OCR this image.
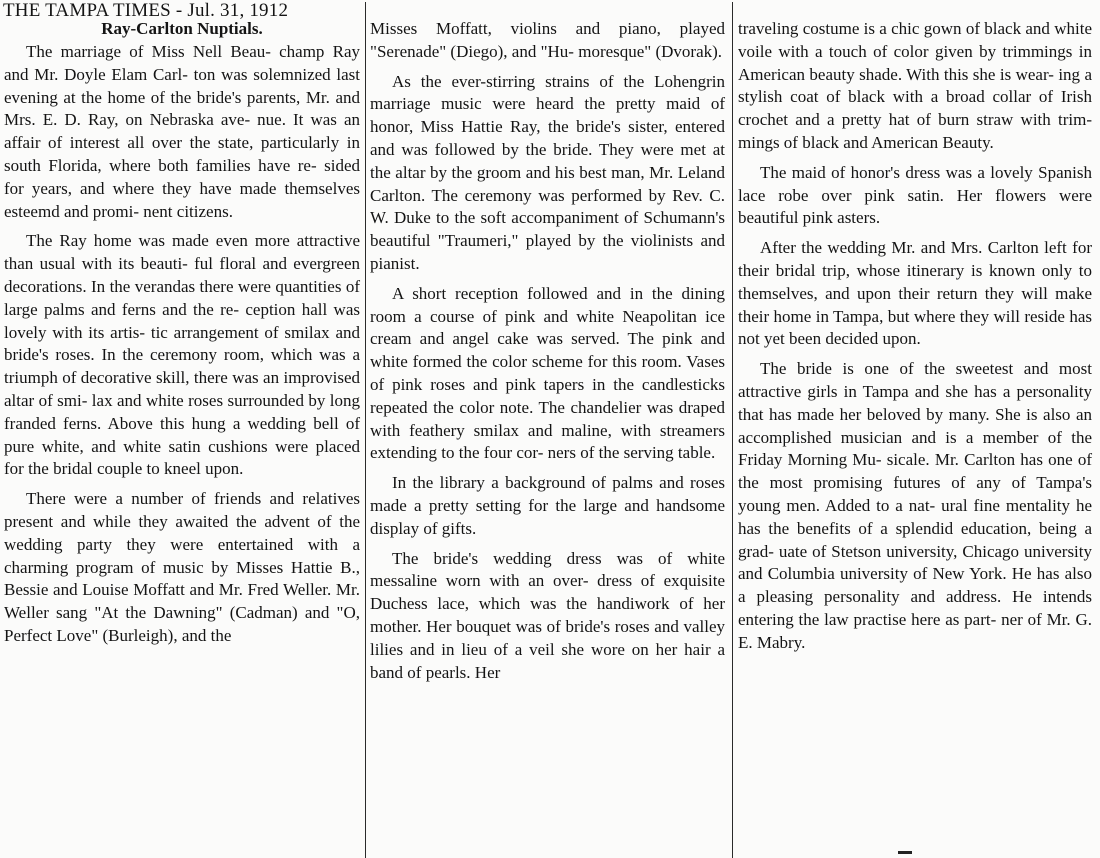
THE TAMPA TIMES - Jul. 31, 1912
Ray-Carlton Nuptials.

The marriage of Miss Nell Beau- champ Ray and Mr. Doyle Elam Carl- ton was solemnized last evening at the home of the bride's parents, Mr. and Mrs. E. D. Ray, on Nebraska ave- nue. It was an affair of interest all over the state, particularly in south Florida, where both families have re- sided for years, and where they have made themselves esteemd and promi- nent citizens.

The Ray home was made even more attractive than usual with its beauti- ful floral and evergreen decorations. In the verandas there were quantities of large palms and ferns and the re- ception hall was lovely with its artis- tic arrangement of smilax and bride's roses. In the ceremony room, which was a triumph of decorative skill, there was an improvised altar of smi- lax and white roses surrounded by long franded ferns. Above this hung a wedding bell of pure white, and white satin cushions were placed for the bridal couple to kneel upon.

There were a number of friends and relatives present and while they awaited the advent of the wedding party they were entertained with a charming program of music by Misses Hattie B., Bessie and Louise Moffatt and Mr. Fred Weller. Mr. Weller sang "At the Dawning" (Cadman) and "O, Perfect Love" (Burleigh), and the

Misses Moffatt, violins and piano, played "Serenade" (Diego), and "Hu- moresque" (Dvorak).

As the ever-stirring strains of the Lohengrin marriage music were heard the pretty maid of honor, Miss Hattie Ray, the bride's sister, entered and was followed by the bride. They were met at the altar by the groom and his best man, Mr. Leland Carlton. The ceremony was performed by Rev. C. W. Duke to the soft accompaniment of Schumann's beautiful "Traumeri," played by the violinists and pianist.

A short reception followed and in the dining room a course of pink and white Neapolitan ice cream and angel cake was served. The pink and white formed the color scheme for this room. Vases of pink roses and pink tapers in the candlesticks repeated the color note. The chandelier was draped with feathery smilax and maline, with streamers extending to the four cor- ners of the serving table.

In the library a background of palms and roses made a pretty setting for the large and handsome display of gifts.

The bride's wedding dress was of white messaline worn with an over- dress of exquisite Duchess lace, which was the handiwork of her mother. Her bouquet was of bride's roses and valley lilies and in lieu of a veil she wore on her hair a band of pearls. Her

traveling costume is a chic gown of black and white voile with a touch of color given by trimmings in American beauty shade. With this she is wear- ing a stylish coat of black with a broad collar of Irish crochet and a pretty hat of burn straw with trim- mings of black and American Beauty.

The maid of honor's dress was a lovely Spanish lace robe over pink satin. Her flowers were beautiful pink asters.

After the wedding Mr. and Mrs. Carlton left for their bridal trip, whose itinerary is known only to themselves, and upon their return they will make their home in Tampa, but where they will reside has not yet been decided upon.

The bride is one of the sweetest and most attractive girls in Tampa and she has a personality that has made her beloved by many. She is also an accomplished musician and is a member of the Friday Morning Mu- sicale. Mr. Carlton has one of the most promising futures of any of Tampa's young men. Added to a nat- ural fine mentality he has the benefits of a splendid education, being a grad- uate of Stetson university, Chicago university and Columbia university of New York. He has also a pleasing personality and address. He intends entering the law practise here as part- ner of Mr. G. E. Mabry.
